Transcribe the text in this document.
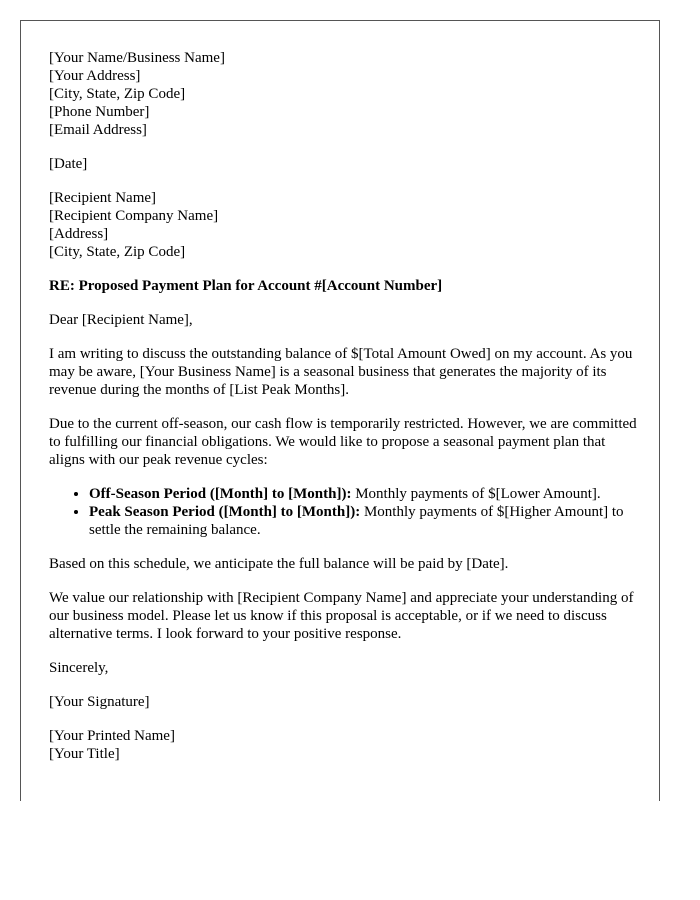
[Your Name/Business Name]
[Your Address]
[City, State, Zip Code]
[Phone Number]
[Email Address]
[Date]
[Recipient Name]
[Recipient Company Name]
[Address]
[City, State, Zip Code]

RE: Proposed Payment Plan for Account #[Account Number]

Dear [Recipient Name],

I am writing to discuss the outstanding balance of $[Total Amount Owed] on my account. As you may be aware, [Your Business Name] is a seasonal business that generates the majority of its revenue during the months of [List Peak Months].

Due to the current off-season, our cash flow is temporarily restricted. However, we are committed to fulfilling our financial obligations. We would like to propose a seasonal payment plan that aligns with our peak revenue cycles:

• Off-Season Period ([Month] to [Month]): Monthly payments of $[Lower Amount].
• Peak Season Period ([Month] to [Month]): Monthly payments of $[Higher Amount] to settle the remaining balance.

Based on this schedule, we anticipate the full balance will be paid by [Date].

We value our relationship with [Recipient Company Name] and appreciate your understanding of our business model. Please let us know if this proposal is acceptable, or if we need to discuss alternative terms. I look forward to your positive response.

Sincerely,

[Your Signature]

[Your Printed Name]
[Your Title]
